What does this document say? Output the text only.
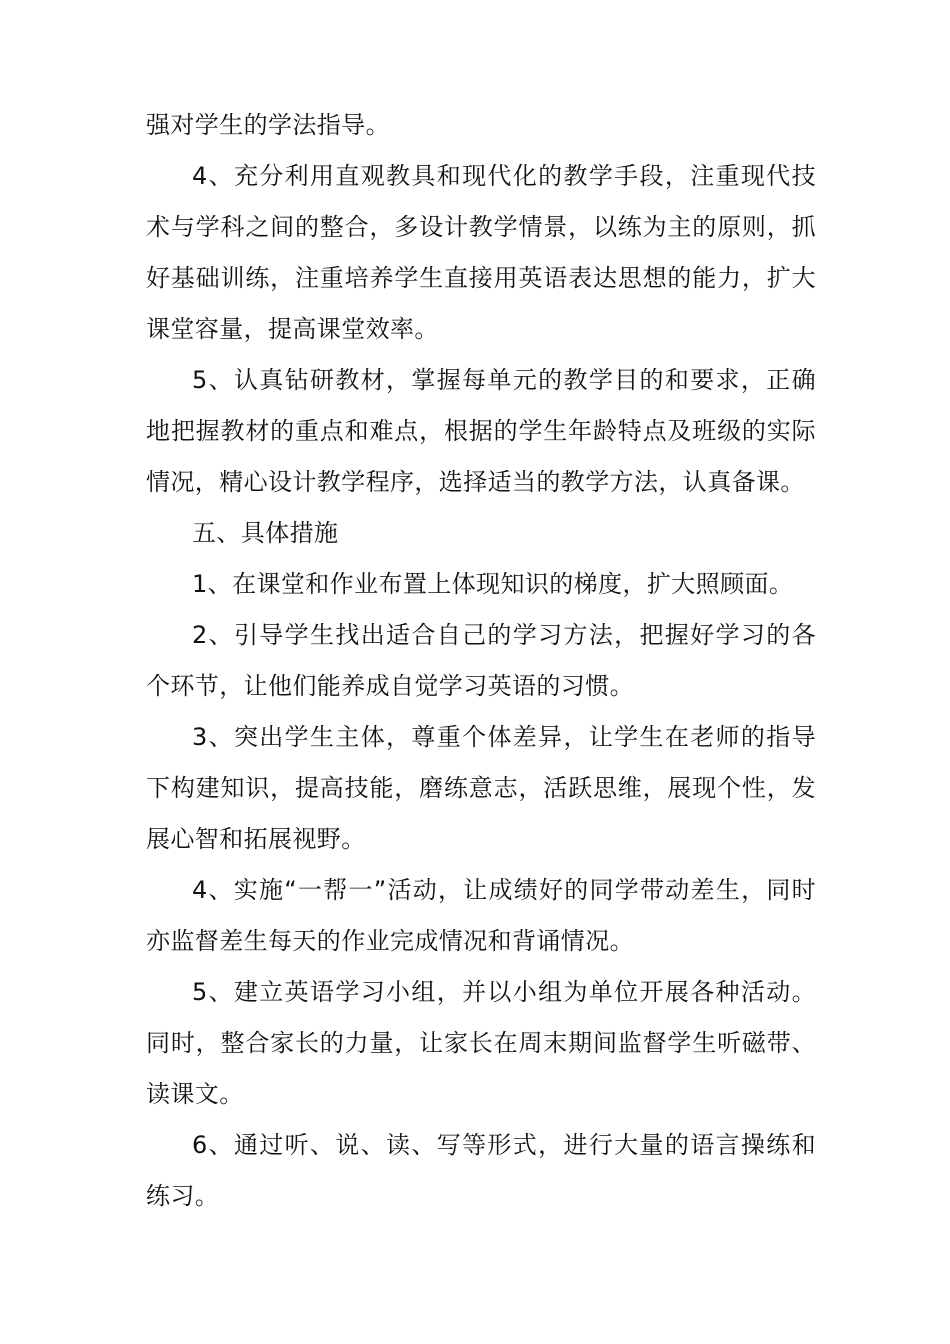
强对学生的学法指导。

4、充分利用直观教具和现代化的教学手段，注重现代技术与学科之间的整合，多设计教学情景，以练为主的原则，抓好基础训练，注重培养学生直接用英语表达思想的能力，扩大课堂容量，提高课堂效率。

5、认真钻研教材，掌握每单元的教学目的和要求，正确地把握教材的重点和难点，根据的学生年龄特点及班级的实际情况，精心设计教学程序，选择适当的教学方法，认真备课。

五、具体措施

1、在课堂和作业布置上体现知识的梯度，扩大照顾面。

2、引导学生找出适合自己的学习方法，把握好学习的各个环节，让他们能养成自觉学习英语的习惯。

3、突出学生主体，尊重个体差异，让学生在老师的指导下构建知识，提高技能，磨练意志，活跃思维，展现个性，发展心智和拓展视野。

4、实施“一帮一”活动，让成绩好的同学带动差生，同时亦监督差生每天的作业完成情况和背诵情况。

5、建立英语学习小组，并以小组为单位开展各种活动。同时，整合家长的力量，让家长在周末期间监督学生听磁带、读课文。

6、通过听、说、读、写等形式，进行大量的语言操练和练习。
